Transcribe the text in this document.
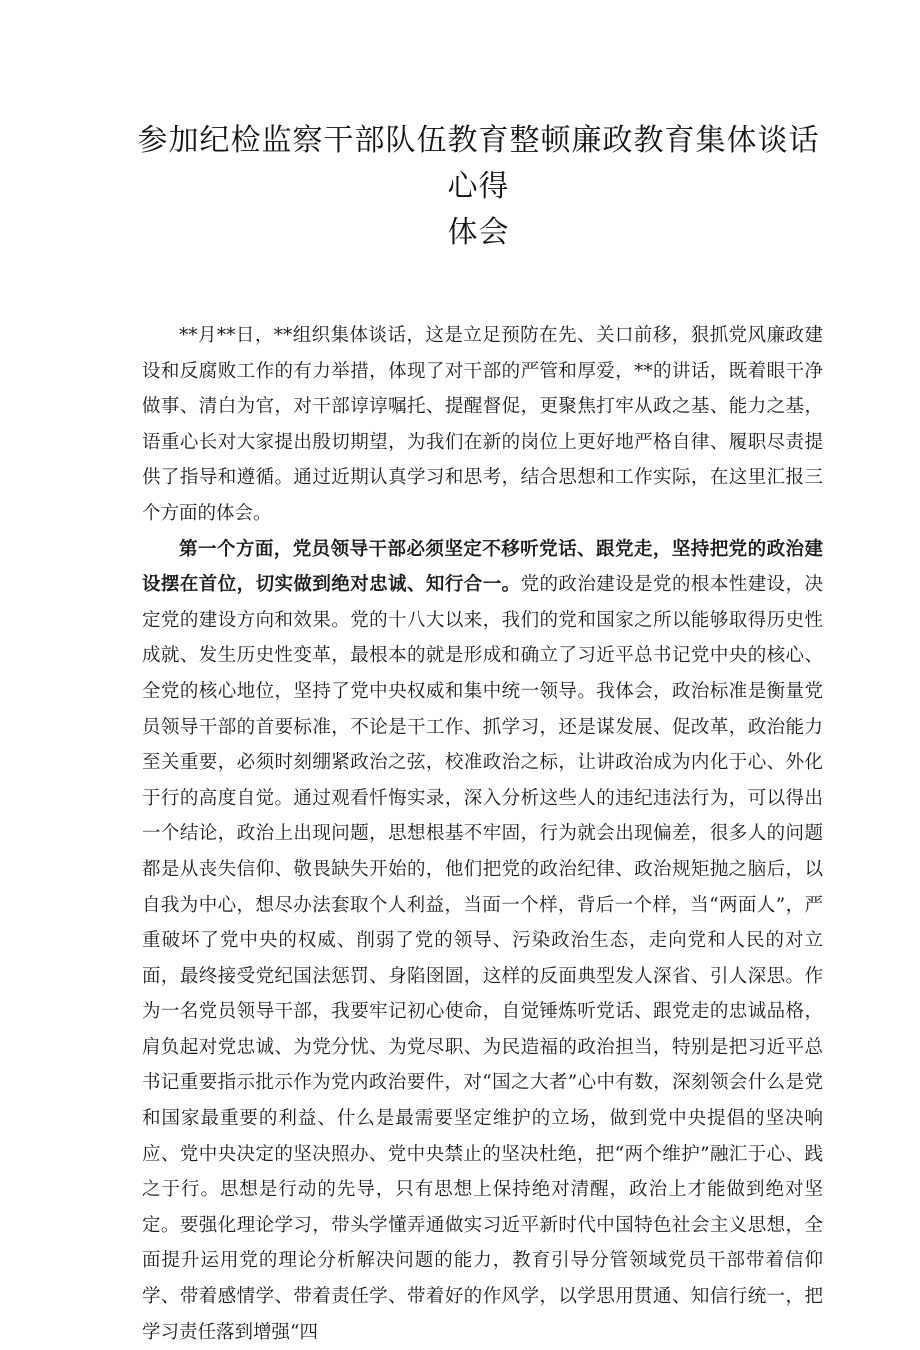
参加纪检监察干部队伍教育整顿廉政教育集体谈话心得
体会

**月**日，**组织集体谈话，这是立足预防在先、关口前移，狠抓党风廉政建设和反腐败工作的有力举措，体现了对干部的严管和厚爱，**的讲话，既着眼干净做事、清白为官，对干部谆谆嘱托、提醒督促，更聚焦打牢从政之基、能力之基，语重心长对大家提出殷切期望，为我们在新的岗位上更好地严格自律、履职尽责提供了指导和遵循。通过近期认真学习和思考，结合思想和工作实际，在这里汇报三个方面的体会。

第一个方面，党员领导干部必须坚定不移听党话、跟党走，坚持把党的政治建设摆在首位，切实做到绝对忠诚、知行合一。党的政治建设是党的根本性建设，决定党的建设方向和效果。党的十八大以来，我们的党和国家之所以能够取得历史性成就、发生历史性变革，最根本的就是形成和确立了习近平总书记党中央的核心、全党的核心地位，坚持了党中央权威和集中统一领导。我体会，政治标准是衡量党员领导干部的首要标准，不论是干工作、抓学习，还是谋发展、促改革，政治能力至关重要，必须时刻绷紧政治之弦，校准政治之标，让讲政治成为内化于心、外化于行的高度自觉。通过观看忏悔实录，深入分析这些人的违纪违法行为，可以得出一个结论，政治上出现问题，思想根基不牢固，行为就会出现偏差，很多人的问题都是从丧失信仰、敬畏缺失开始的，他们把党的政治纪律、政治规矩抛之脑后，以自我为中心，想尽办法套取个人利益，当面一个样，背后一个样，当“两面人”，严重破坏了党中央的权威、削弱了党的领导、污染政治生态，走向党和人民的对立面，最终接受党纪国法惩罚、身陷囹圄，这样的反面典型发人深省、引人深思。作为一名党员领导干部，我要牢记初心使命，自觉锤炼听党话、跟党走的忠诚品格，肩负起对党忠诚、为党分忧、为党尽职、为民造福的政治担当，特别是把习近平总书记重要指示批示作为党内政治要件，对“国之大者”心中有数，深刻领会什么是党和国家最重要的利益、什么是最需要坚定维护的立场，做到党中央提倡的坚决响应、党中央决定的坚决照办、党中央禁止的坚决杜绝，把“两个维护”融汇于心、践之于行。思想是行动的先导，只有思想上保持绝对清醒，政治上才能做到绝对坚定。要强化理论学习，带头学懂弄通做实习近平新时代中国特色社会主义思想，全面提升运用党的理论分析解决问题的能力，教育引导分管领域党员干部带着信仰学、带着感情学、带着责任学、带着好的作风学，以学思用贯通、知信行统一，把学习责任落到增强“四
